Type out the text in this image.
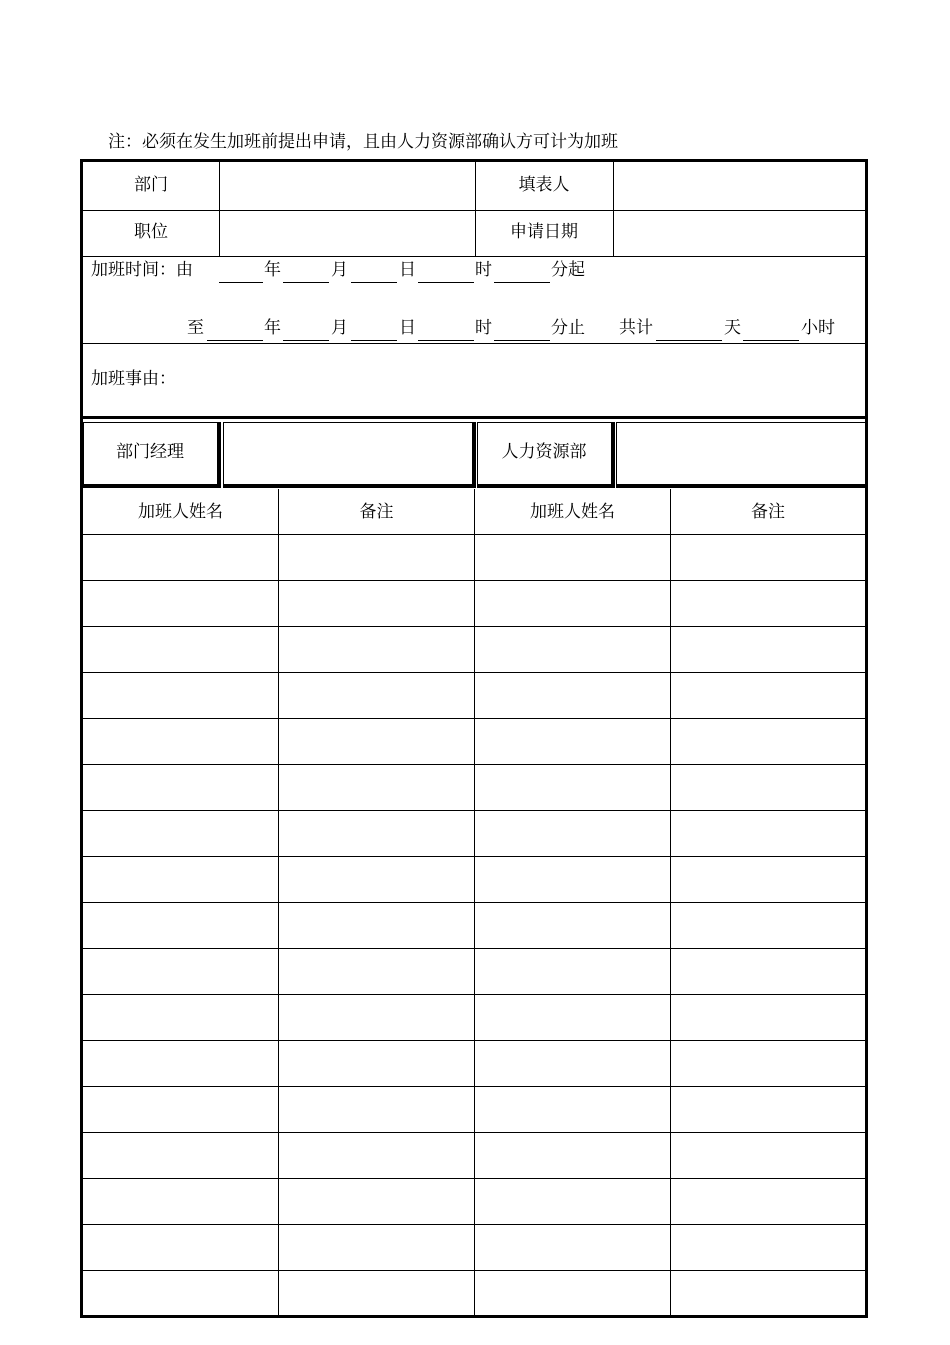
注：必须在发生加班前提出申请，且由人力资源部确认方可计为加班
部门	填表人
职位	申请日期
加班时间：由	年	月	日	时	分起
至	年	月	日	时	分止 共计	天	小时
加班事由：
部门经理	人力资源部
加班人姓名	备注	加班人姓名	备注
